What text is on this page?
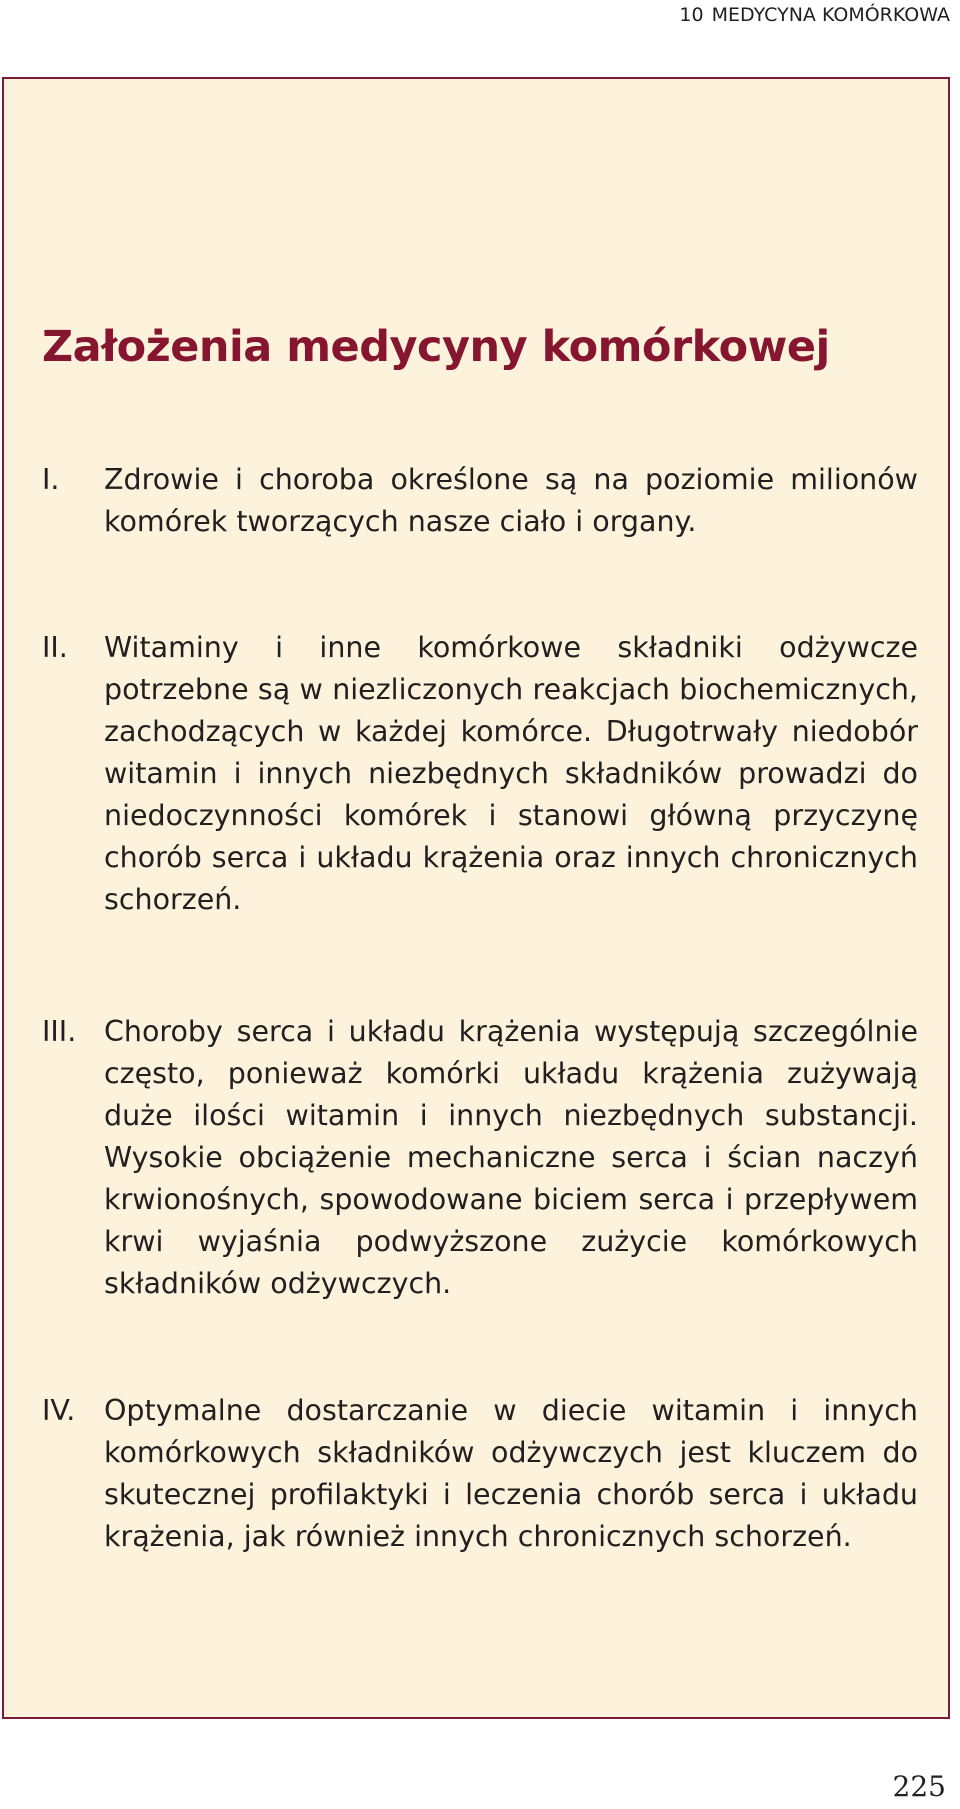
10 MEDYCYNA KOMÓRKOWA
Założenia medycyny komórkowej
I.	Zdrowie i choroba określone są na poziomie milionów komórek tworzących nasze ciało i organy.
II.	Witaminy i inne komórkowe składniki odżywcze potrzebne są w niezliczonych reakcjach biochemicznych, zachodzących w każdej komórce. Długotrwały niedobór witamin i innych niezbędnych składników prowadzi do niedoczynności komórek i stanowi główną przyczynę chorób serca i układu krążenia oraz innych chronicznych schorzeń.
III. Choroby serca i układu krążenia występują szczególnie często, ponieważ komórki układu krążenia zużywają duże ilości witamin i innych niezbędnych substancji. Wysokie obciążenie mechaniczne serca i ścian naczyń krwionośnych, spowodowane biciem serca i przepływem krwi wyjaśnia podwyższone zużycie komórkowych składników odżywczych.
IV.	Optymalne dostarczanie w diecie witamin i innych komórkowych składników odżywczych jest kluczem do skutecznej profilaktyki i leczenia chorób serca i układu krążenia, jak również innych chronicznych schorzeń.
225
